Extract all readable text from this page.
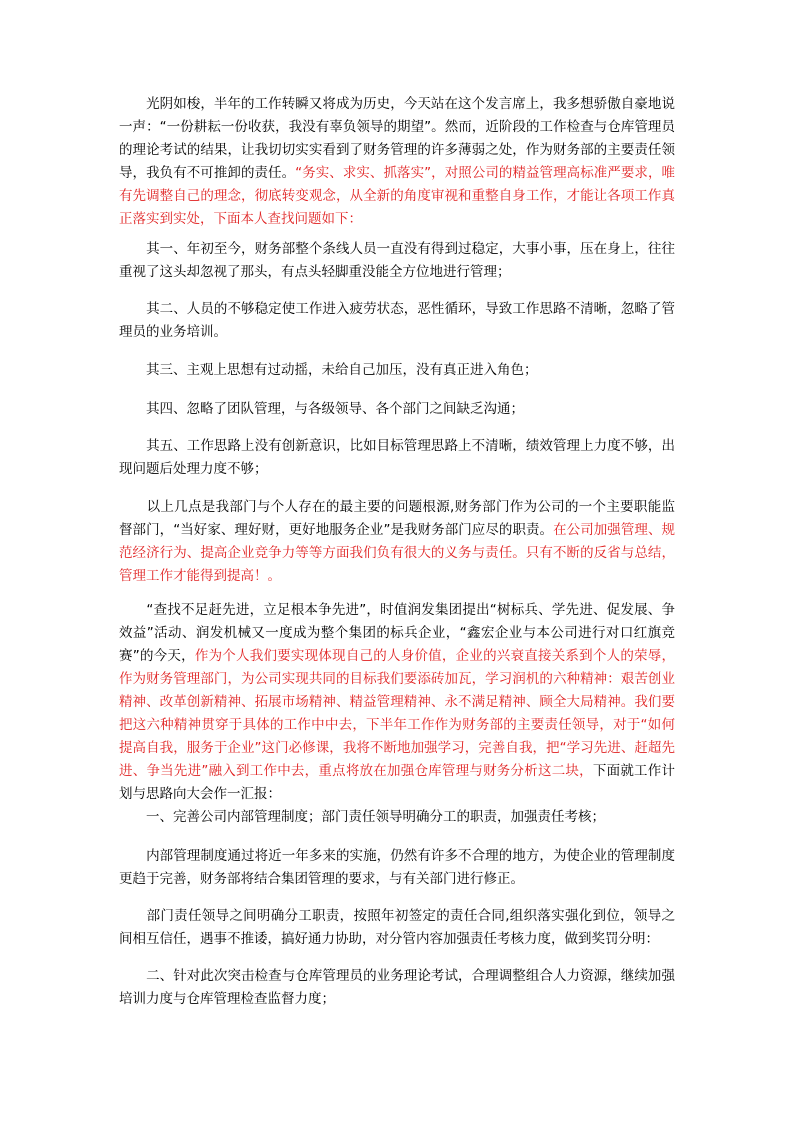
　　光阴如梭，半年的工作转瞬又将成为历史，今天站在这个发言席上，我多想骄傲自豪地说一声：“一份耕耘一份收获，我没有辜负领导的期望”。然而，近阶段的工作检查与仓库管理员的理论考试的结果，让我切切实实看到了财务管理的许多薄弱之处，作为财务部的主要责任领导，我负有不可推卸的责任。“务实、求实、抓落实”，对照公司的精益管理高标准严要求，唯有先调整自己的理念，彻底转变观念，从全新的角度审视和重整自身工作，才能让各项工作真正落实到实处，下面本人查找问题如下：

　　其一、年初至今，财务部整个条线人员一直没有得到过稳定，大事小事，压在身上，往往重视了这头却忽视了那头，有点头轻脚重没能全方位地进行管理；

　　其二、人员的不够稳定使工作进入疲劳状态，恶性循环，导致工作思路不清晰，忽略了管理员的业务培训。

　　其三、主观上思想有过动摇，未给自己加压，没有真正进入角色；

　　其四、忽略了团队管理，与各级领导、各个部门之间缺乏沟通；

　　其五、工作思路上没有创新意识，比如目标管理思路上不清晰，绩效管理上力度不够，出现问题后处理力度不够；

　　以上几点是我部门与个人存在的最主要的问题根源,财务部门作为公司的一个主要职能监督部门，“当好家、理好财，更好地服务企业”是我财务部门应尽的职责。在公司加强管理、规范经济行为、提高企业竞争力等等方面我们负有很大的义务与责任。只有不断的反省与总结，管理工作才能得到提高！。

　　“查找不足赶先进，立足根本争先进”，时值润发集团提出“树标兵、学先进、促发展、争效益”活动、润发机械又一度成为整个集团的标兵企业，“鑫宏企业与本公司进行对口红旗竞赛”的今天，作为个人我们要实现体现自己的人身价值，企业的兴衰直接关系到个人的荣辱，作为财务管理部门，为公司实现共同的目标我们要添砖加瓦，学习润机的六种精神：艰苦创业精神、改革创新精神、拓展市场精神、精益管理精神、永不满足精神、顾全大局精神。我们要把这六种精神贯穿于具体的工作中中去，下半年工作作为财务部的主要责任领导，对于“如何提高自我，服务于企业”这门必修课，我将不断地加强学习，完善自我，把“学习先进、赶超先进、争当先进”融入到工作中去，重点将放在加强仓库管理与财务分析这二块，下面就工作计划与思路向大会作一汇报：

　　一、完善公司内部管理制度；部门责任领导明确分工的职责，加强责任考核；

　　内部管理制度通过将近一年多来的实施，仍然有许多不合理的地方，为使企业的管理制度更趋于完善，财务部将结合集团管理的要求，与有关部门进行修正。

　　部门责任领导之间明确分工职责，按照年初签定的责任合同,组织落实强化到位，领导之间相互信任，遇事不推诿，搞好通力协助，对分管内容加强责任考核力度，做到奖罚分明：

　　二、针对此次突击检查与仓库管理员的业务理论考试，合理调整组合人力资源，继续加强培训力度与仓库管理检查监督力度；
